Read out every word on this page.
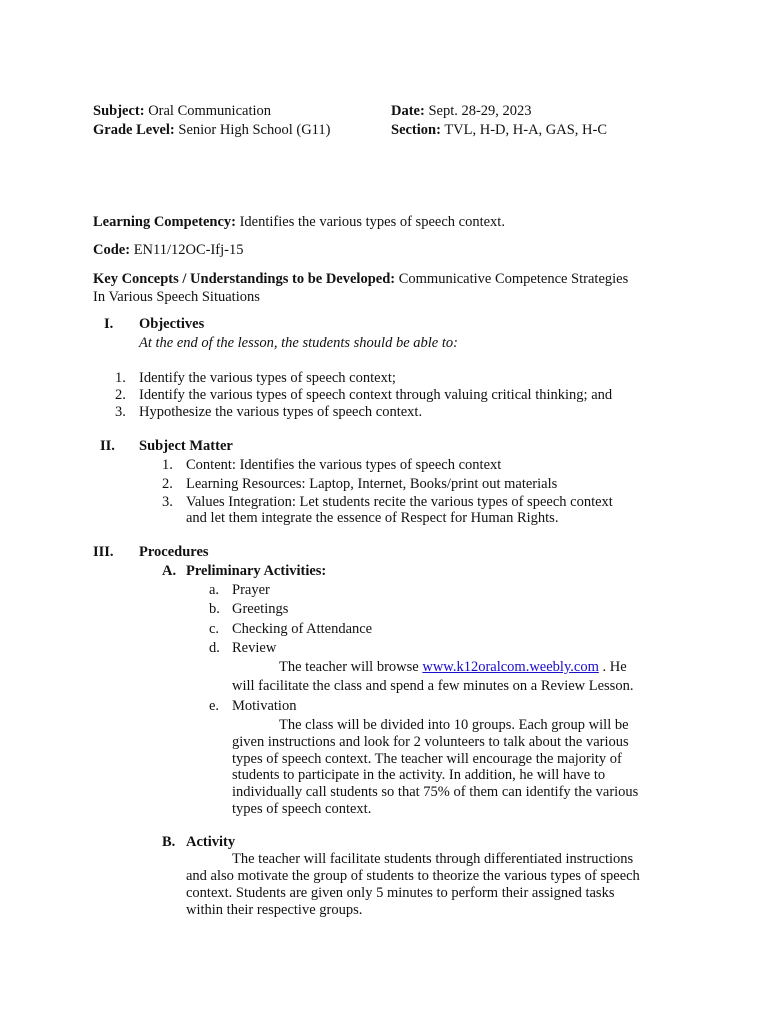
Subject: Oral Communication
Grade Level: Senior High School (G11)
Date: Sept. 28-29, 2023
Section: TVL, H-D, H-A, GAS, H-C
Learning Competency: Identifies the various types of speech context.
Code: EN11/12OC-Ifj-15
Key Concepts / Understandings to be Developed: Communicative Competence Strategies
In Various Speech Situations
I. Objectives
At the end of the lesson, the students should be able to:
1. Identify the various types of speech context;
2. Identify the various types of speech context through valuing critical thinking; and
3. Hypothesize the various types of speech context.
II. Subject Matter
1. Content: Identifies the various types of speech context
2. Learning Resources: Laptop, Internet, Books/print out materials
3. Values Integration: Let students recite the various types of speech context
and let them integrate the essence of Respect for Human Rights.
III. Procedures
A. Preliminary Activities:
a. Prayer
b. Greetings
c. Checking of Attendance
d. Review
The teacher will browse www.k12oralcom.weebly.com . He
will facilitate the class and spend a few minutes on a Review Lesson.
e. Motivation
The class will be divided into 10 groups. Each group will be
given instructions and look for 2 volunteers to talk about the various
types of speech context. The teacher will encourage the majority of
students to participate in the activity. In addition, he will have to
individually call students so that 75% of them can identify the various
types of speech context.
B. Activity
The teacher will facilitate students through differentiated instructions
and also motivate the group of students to theorize the various types of speech
context. Students are given only 5 minutes to perform their assigned tasks
within their respective groups.
